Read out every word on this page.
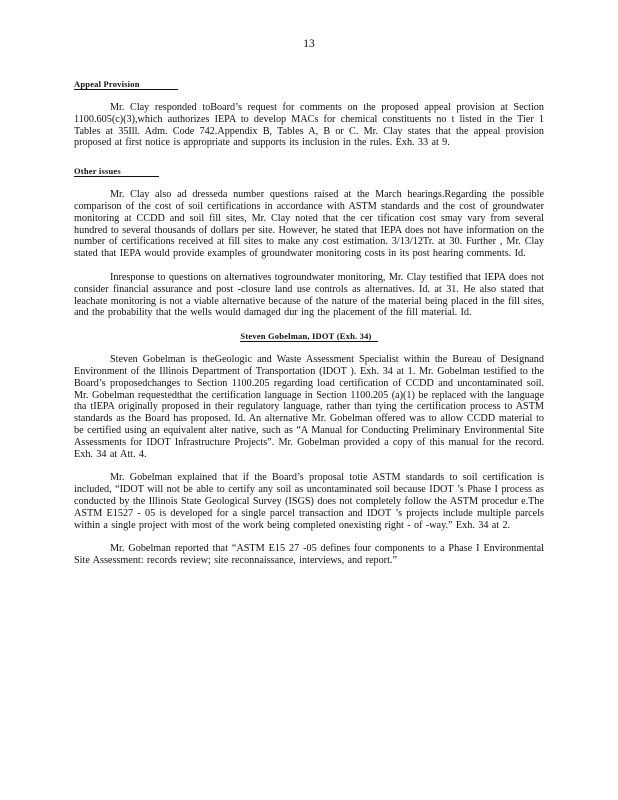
13
Appeal Provision

Mr. Clay responded toBoard’s request for comments on the proposed appeal provision at Section 1100.605(c)(3),which authorizes IEPA to develop MACs for chemical constituents no t listed in the Tier 1 Tables at 35Ill. Adm. Code 742.Appendix B, Tables A, B or C. Mr. Clay states that the appeal provision proposed at first notice is appropriate and supports its inclusion in the rules. Exh. 33 at 9.

Other issues

Mr. Clay also ad dresseda number questions raised at the March hearings.Regarding the possible comparison of the cost of soil certifications in accordance with ASTM standards and the cost of groundwater monitoring at CCDD and soil fill sites, Mr. Clay noted that the cer tification cost smay vary from several hundred to several thousands of dollars per site. However, he stated that IEPA does not have information on the number of certifications received at fill sites to make any cost estimation. 3/13/12Tr. at 30. Further , Mr. Clay stated that IEPA would provide examples of groundwater monitoring costs in its post hearing comments. Id.

Inresponse to questions on alternatives togroundwater monitoring, Mr. Clay testified that IEPA does not consider financial assurance and post -closure land use controls as alternatives. Id. at 31. He also stated that leachate monitoring is not a viable alternative because of the nature of the material being placed in the fill sites, and the probability that the wells would damaged dur ing the placement of the fill material. Id.

Steven Gobelman, IDOT (Exh. 34)

Steven Gobelman is theGeologic and Waste Assessment Specialist within the Bureau of Designand Environment of the Illinois Department of Transportation (IDOT ). Exh. 34 at 1. Mr. Gobelman testified to the Board’s proposedchanges to Section 1100.205 regarding load certification of CCDD and uncontaminated soil. Mr. Gobelman requestedthat the certification language in Section 1100.205 (a)(1) be replaced with the language tha tIEPA originally proposed in their regulatory language, rather than tying the certification process to ASTM standards as the Board has proposed. Id. An alternative Mr. Gobelman offered was to allow CCDD material to be certified using an equivalent alter native, such as “A Manual for Conducting Preliminary Environmental Site Assessments for IDOT Infrastructure Projects”. Mr. Gobelman provided a copy of this manual for the record. Exh. 34 at Att. 4.

Mr. Gobelman explained that if the Board’s proposal totie ASTM standards to soil certification is included, “IDOT will not be able to certify any soil as uncontaminated soil because IDOT ’s Phase I process as conducted by the Illinois State Geological Survey (ISGS) does not completely follow the ASTM procedur e.The ASTM E1527 - 05 is developed for a single parcel transaction and IDOT ’s projects include multiple parcels within a single project with most of the work being completed onexisting right - of -way.” Exh. 34 at 2.

Mr. Gobelman reported that “ASTM E15 27 -05 defines four components to a Phase I Environmental Site Assessment: records review; site reconnaissance, interviews, and report.”
